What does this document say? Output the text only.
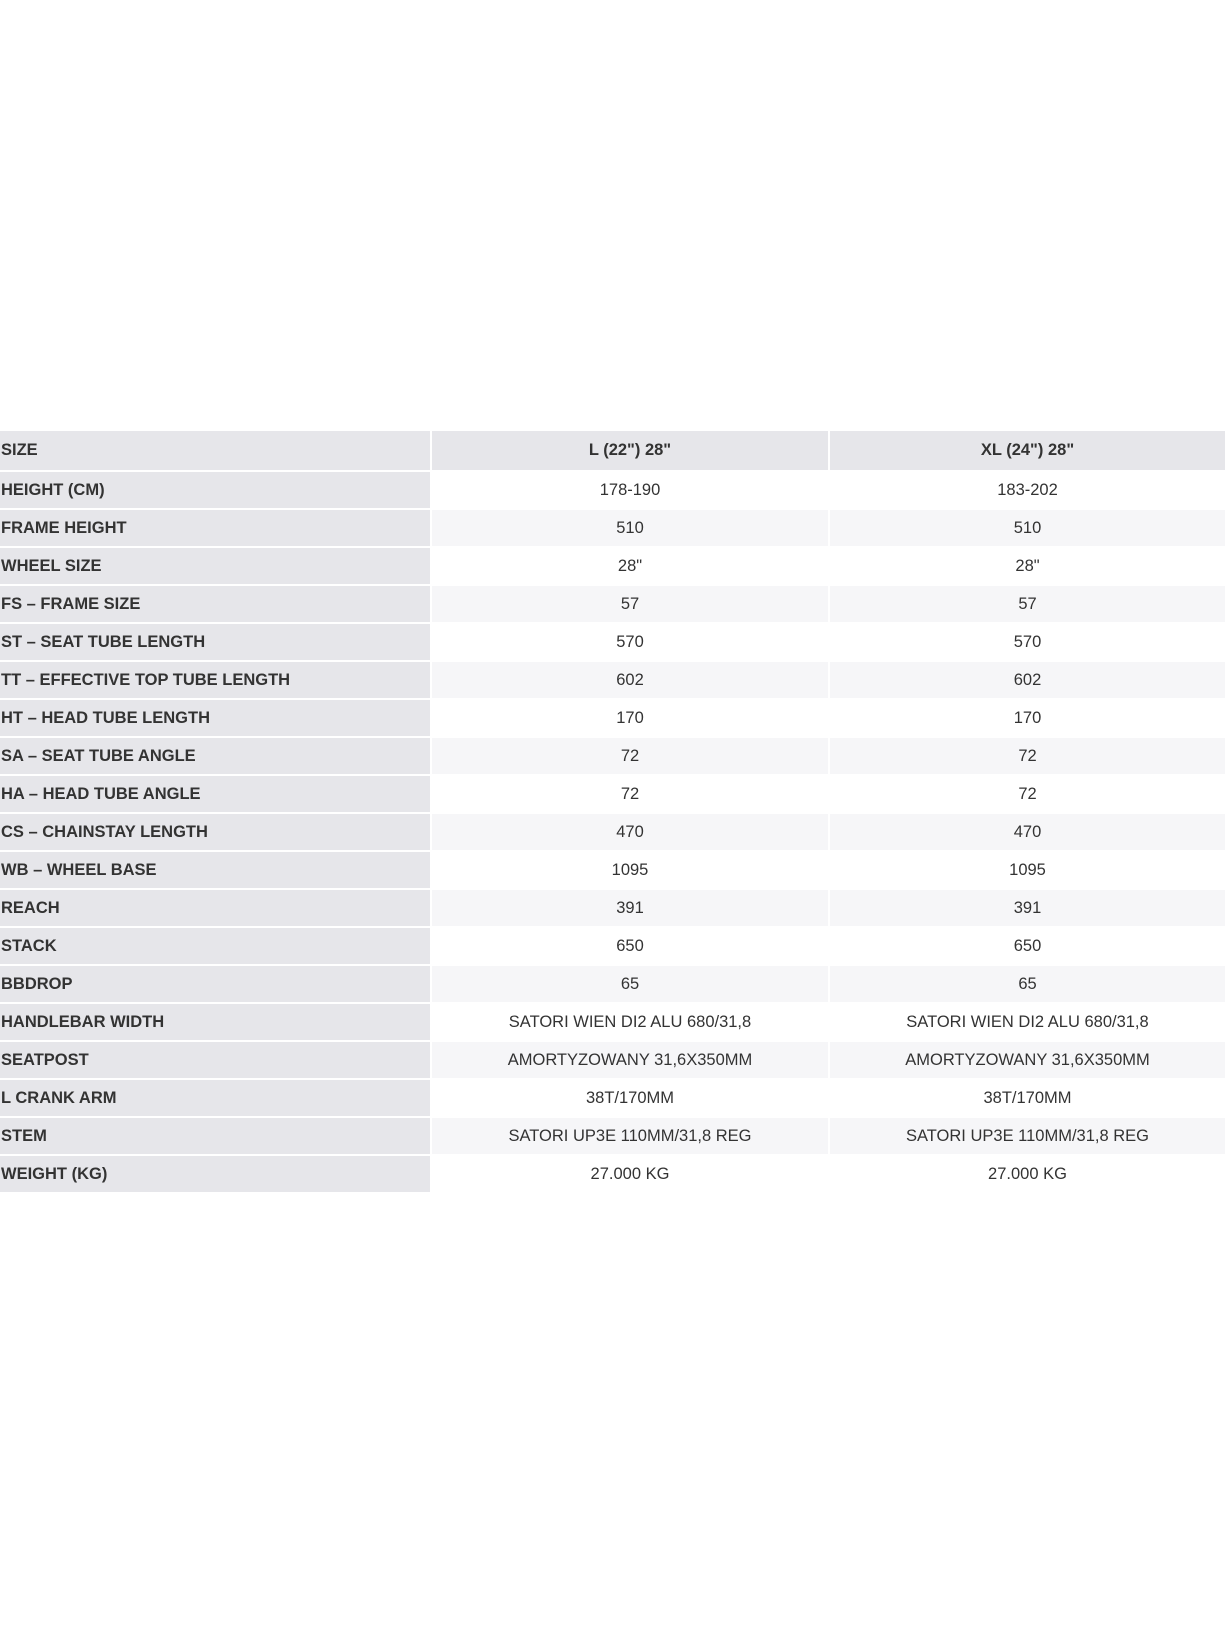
SIZE	L (22") 28"	XL (24") 28"
HEIGHT (CM)	178-190	183-202
FRAME HEIGHT	510	510
WHEEL SIZE	28"	28"
FS – FRAME SIZE	57	57
ST – SEAT TUBE LENGTH	570	570
TT – EFFECTIVE TOP TUBE LENGTH	602	602
HT – HEAD TUBE LENGTH	170	170
SA – SEAT TUBE ANGLE	72	72
HA – HEAD TUBE ANGLE	72	72
CS – CHAINSTAY LENGTH	470	470
WB – WHEEL BASE	1095	1095
REACH	391	391
STACK	650	650
BBDROP	65	65
HANDLEBAR WIDTH	SATORI WIEN DI2 ALU 680/31,8	SATORI WIEN DI2 ALU 680/31,8
SEATPOST	AMORTYZOWANY 31,6X350MM	AMORTYZOWANY 31,6X350MM
L CRANK ARM	38T/170MM	38T/170MM
STEM	SATORI UP3E 110MM/31,8 REG	SATORI UP3E 110MM/31,8 REG
WEIGHT (KG)	27.000 KG	27.000 KG
